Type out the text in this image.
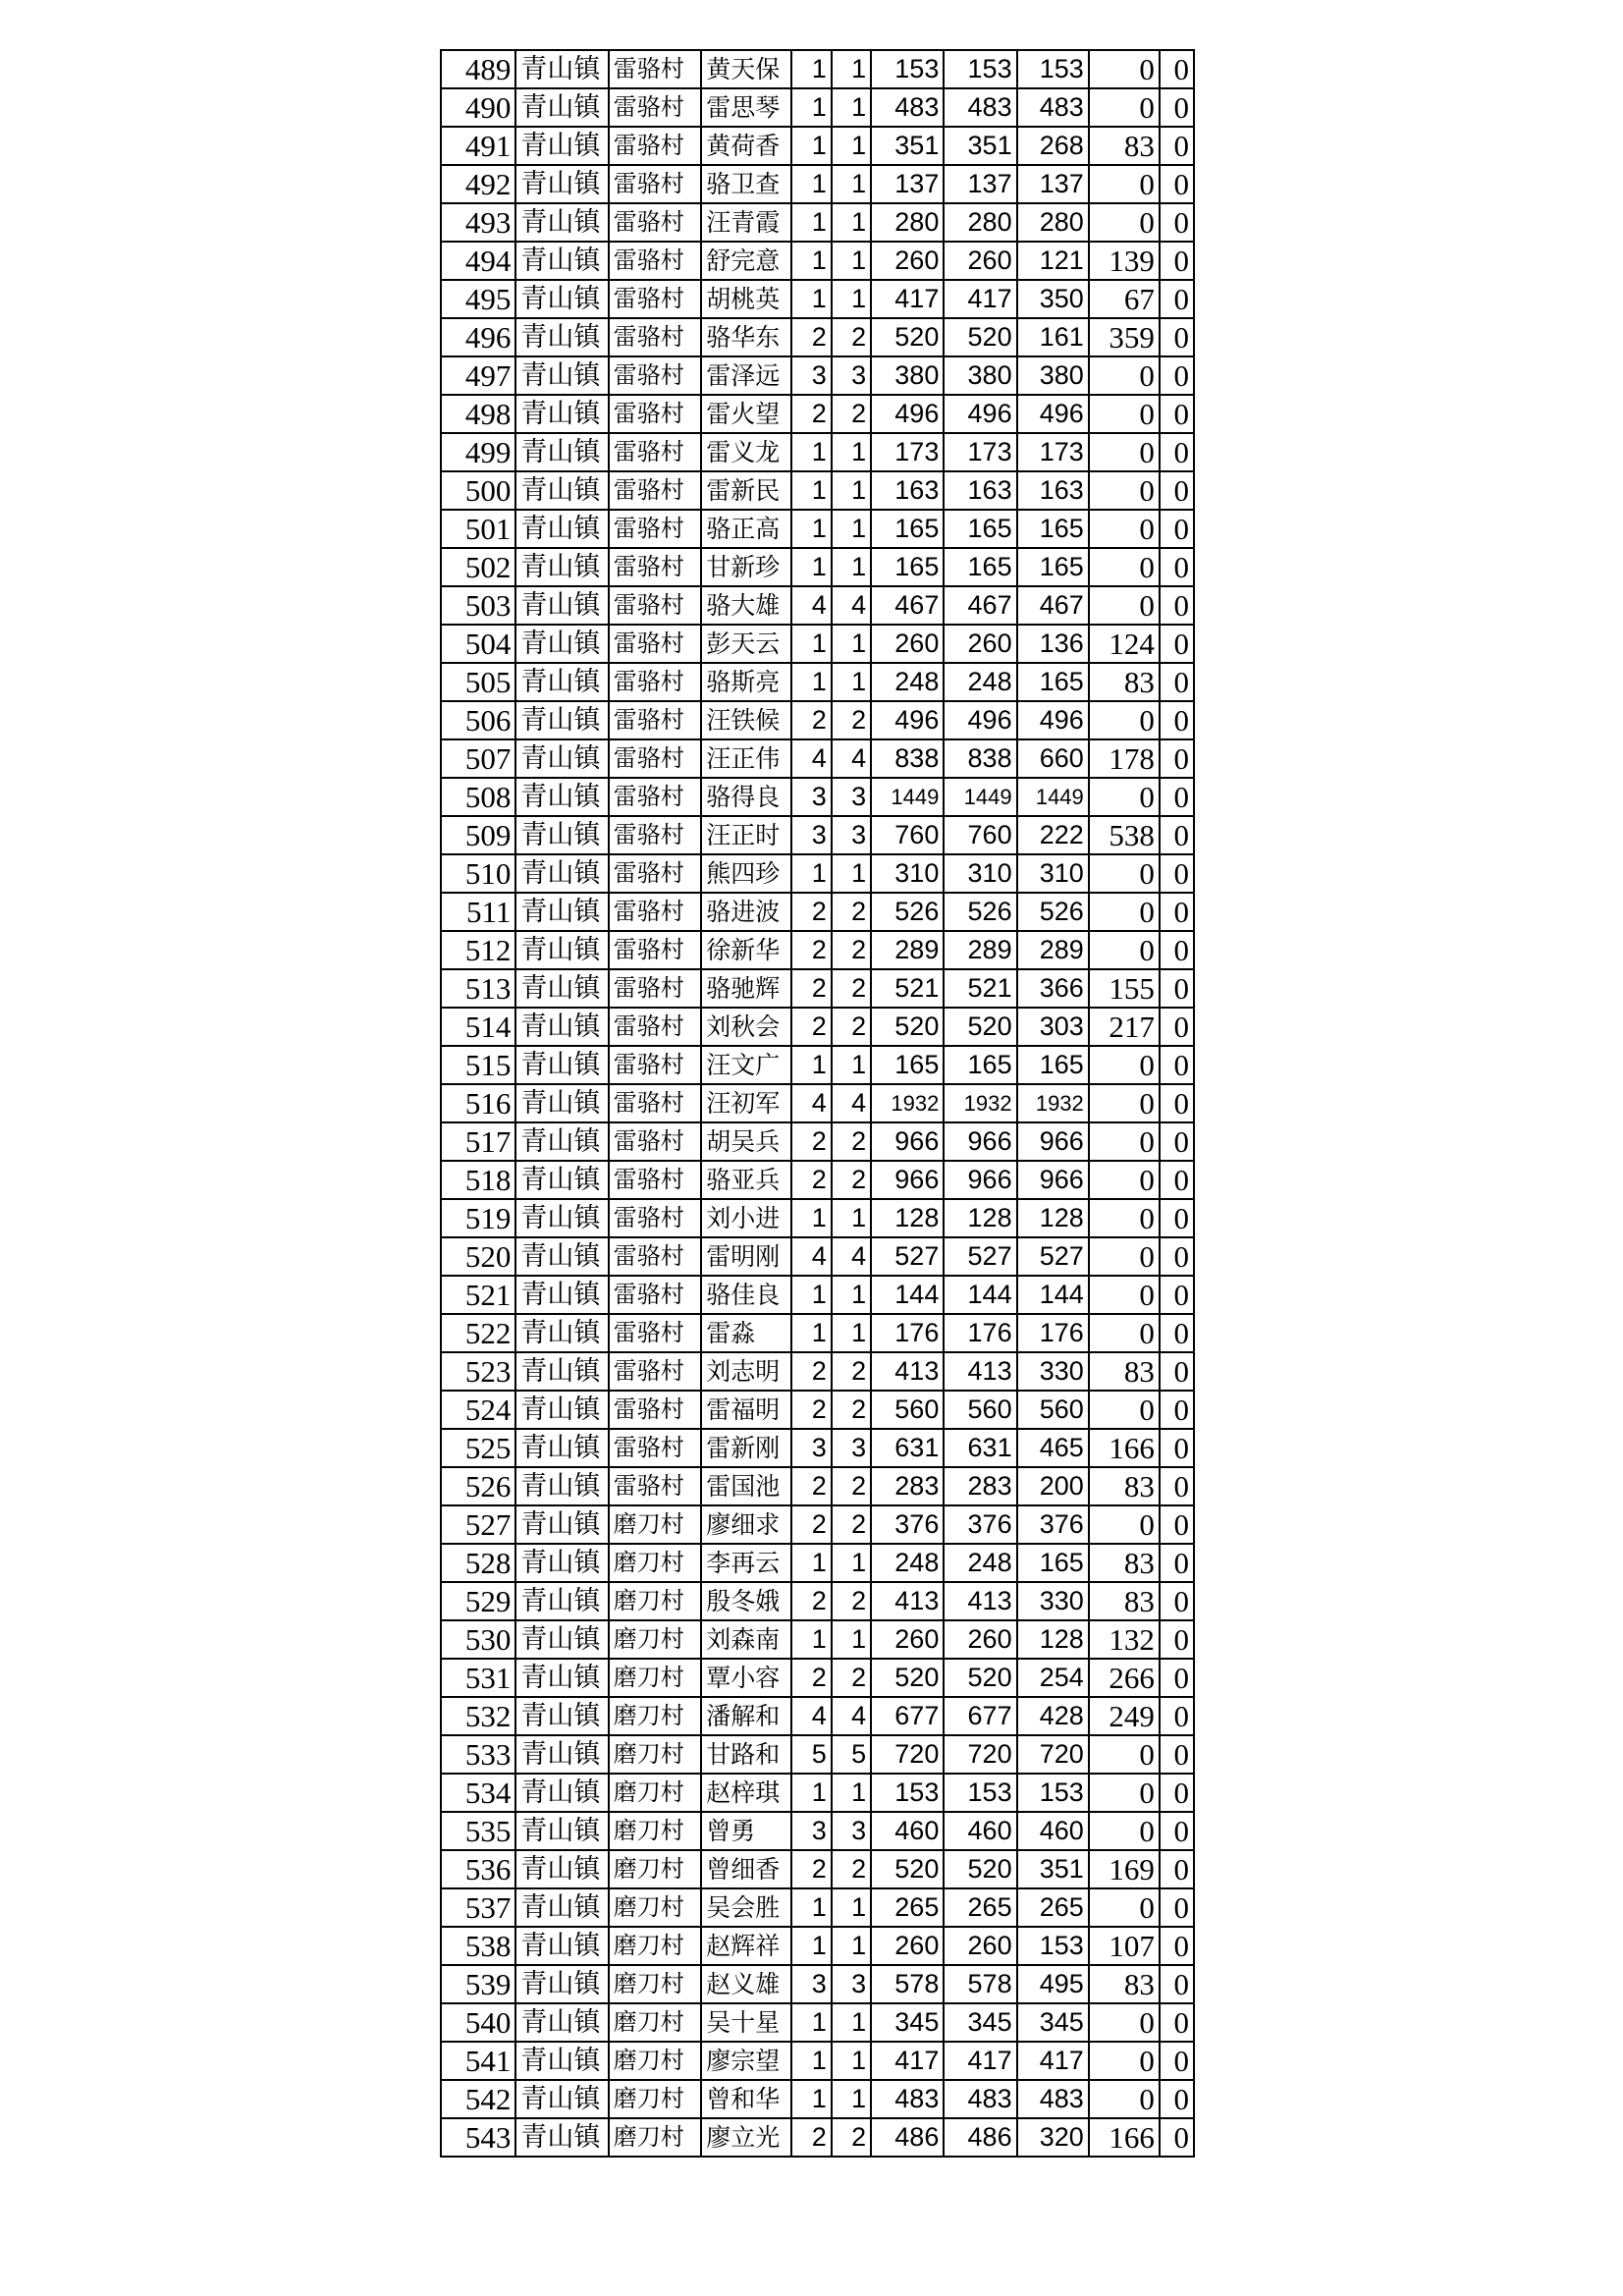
489	青山镇	雷骆村	黄天保	1	1	153	153	153	0	0
490	青山镇	雷骆村	雷思琴	1	1	483	483	483	0	0
491	青山镇	雷骆村	黄荷香	1	1	351	351	268	83	0
492	青山镇	雷骆村	骆卫查	1	1	137	137	137	0	0
493	青山镇	雷骆村	汪青霞	1	1	280	280	280	0	0
494	青山镇	雷骆村	舒完意	1	1	260	260	121	139	0
495	青山镇	雷骆村	胡桃英	1	1	417	417	350	67	0
496	青山镇	雷骆村	骆华东	2	2	520	520	161	359	0
497	青山镇	雷骆村	雷泽远	3	3	380	380	380	0	0
498	青山镇	雷骆村	雷火望	2	2	496	496	496	0	0
499	青山镇	雷骆村	雷义龙	1	1	173	173	173	0	0
500	青山镇	雷骆村	雷新民	1	1	163	163	163	0	0
501	青山镇	雷骆村	骆正高	1	1	165	165	165	0	0
502	青山镇	雷骆村	甘新珍	1	1	165	165	165	0	0
503	青山镇	雷骆村	骆大雄	4	4	467	467	467	0	0
504	青山镇	雷骆村	彭天云	1	1	260	260	136	124	0
505	青山镇	雷骆村	骆斯亮	1	1	248	248	165	83	0
506	青山镇	雷骆村	汪铁候	2	2	496	496	496	0	0
507	青山镇	雷骆村	汪正伟	4	4	838	838	660	178	0
508	青山镇	雷骆村	骆得良	3	3	1449	1449	1449	0	0
509	青山镇	雷骆村	汪正时	3	3	760	760	222	538	0
510	青山镇	雷骆村	熊四珍	1	1	310	310	310	0	0
511	青山镇	雷骆村	骆进波	2	2	526	526	526	0	0
512	青山镇	雷骆村	徐新华	2	2	289	289	289	0	0
513	青山镇	雷骆村	骆驰辉	2	2	521	521	366	155	0
514	青山镇	雷骆村	刘秋会	2	2	520	520	303	217	0
515	青山镇	雷骆村	汪文广	1	1	165	165	165	0	0
516	青山镇	雷骆村	汪初军	4	4	1932	1932	1932	0	0
517	青山镇	雷骆村	胡吴兵	2	2	966	966	966	0	0
518	青山镇	雷骆村	骆亚兵	2	2	966	966	966	0	0
519	青山镇	雷骆村	刘小进	1	1	128	128	128	0	0
520	青山镇	雷骆村	雷明刚	4	4	527	527	527	0	0
521	青山镇	雷骆村	骆佳良	1	1	144	144	144	0	0
522	青山镇	雷骆村	雷淼	1	1	176	176	176	0	0
523	青山镇	雷骆村	刘志明	2	2	413	413	330	83	0
524	青山镇	雷骆村	雷福明	2	2	560	560	560	0	0
525	青山镇	雷骆村	雷新刚	3	3	631	631	465	166	0
526	青山镇	雷骆村	雷国池	2	2	283	283	200	83	0
527	青山镇	磨刀村	廖细求	2	2	376	376	376	0	0
528	青山镇	磨刀村	李再云	1	1	248	248	165	83	0
529	青山镇	磨刀村	殷冬娥	2	2	413	413	330	83	0
530	青山镇	磨刀村	刘森南	1	1	260	260	128	132	0
531	青山镇	磨刀村	覃小容	2	2	520	520	254	266	0
532	青山镇	磨刀村	潘解和	4	4	677	677	428	249	0
533	青山镇	磨刀村	甘路和	5	5	720	720	720	0	0
534	青山镇	磨刀村	赵梓琪	1	1	153	153	153	0	0
535	青山镇	磨刀村	曾勇	3	3	460	460	460	0	0
536	青山镇	磨刀村	曾细香	2	2	520	520	351	169	0
537	青山镇	磨刀村	吴会胜	1	1	265	265	265	0	0
538	青山镇	磨刀村	赵辉祥	1	1	260	260	153	107	0
539	青山镇	磨刀村	赵义雄	3	3	578	578	495	83	0
540	青山镇	磨刀村	吴十星	1	1	345	345	345	0	0
541	青山镇	磨刀村	廖宗望	1	1	417	417	417	0	0
542	青山镇	磨刀村	曾和华	1	1	483	483	483	0	0
543	青山镇	磨刀村	廖立光	2	2	486	486	320	166	0
